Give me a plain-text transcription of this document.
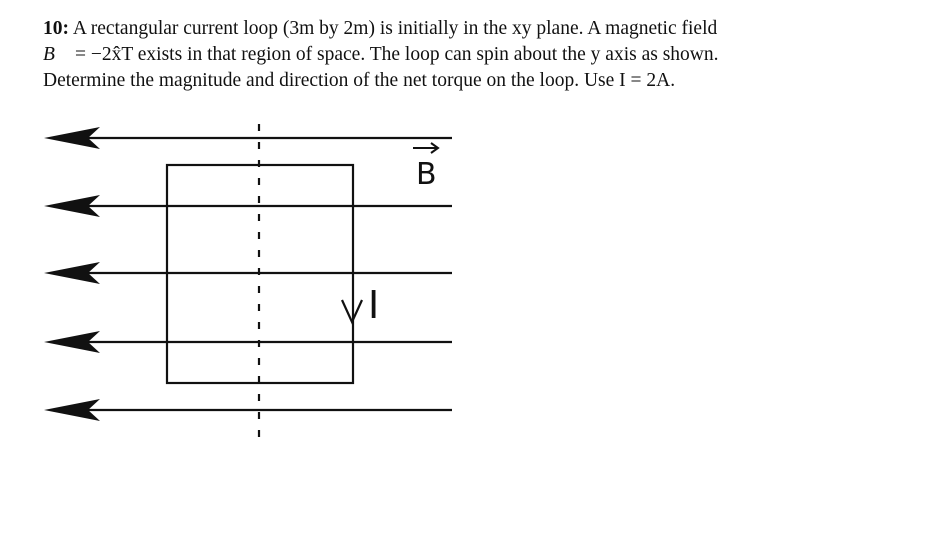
10: A rectangular current loop (3m by 2m) is initially in the xy plane. A magnetic field
B⃗ = −2x̂T exists in that region of space. The loop can spin about the y axis as shown.
Determine the magnitude and direction of the net torque on the loop. Use I = 2A.
I
B
